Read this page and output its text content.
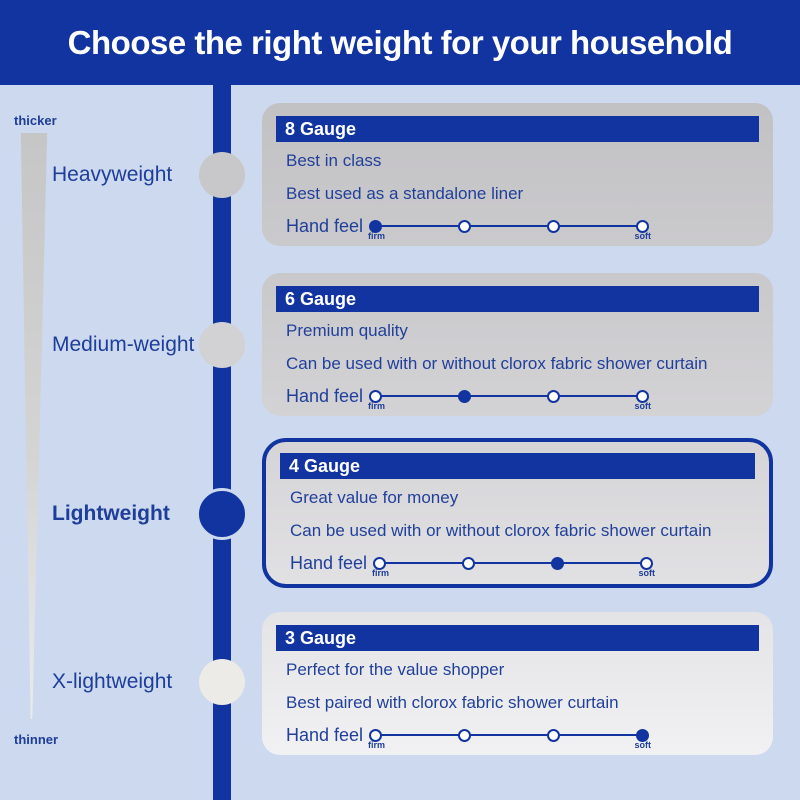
Choose the right weight for your household
thicker
thinner
Heavyweight
Medium-weight
Lightweight
X-lightweight
8 Gauge
Best in class
Best used as a standalone liner
Hand feel
firm	soft
6 Gauge
Premium quality
Can be used with or without clorox fabric shower curtain
Hand feel
firm	soft
4 Gauge
Great value for money
Can be used with or without clorox fabric shower curtain
Hand feel
firm	soft
3 Gauge
Perfect for the value shopper
Best paired with clorox fabric shower curtain
Hand feel
firm	soft
